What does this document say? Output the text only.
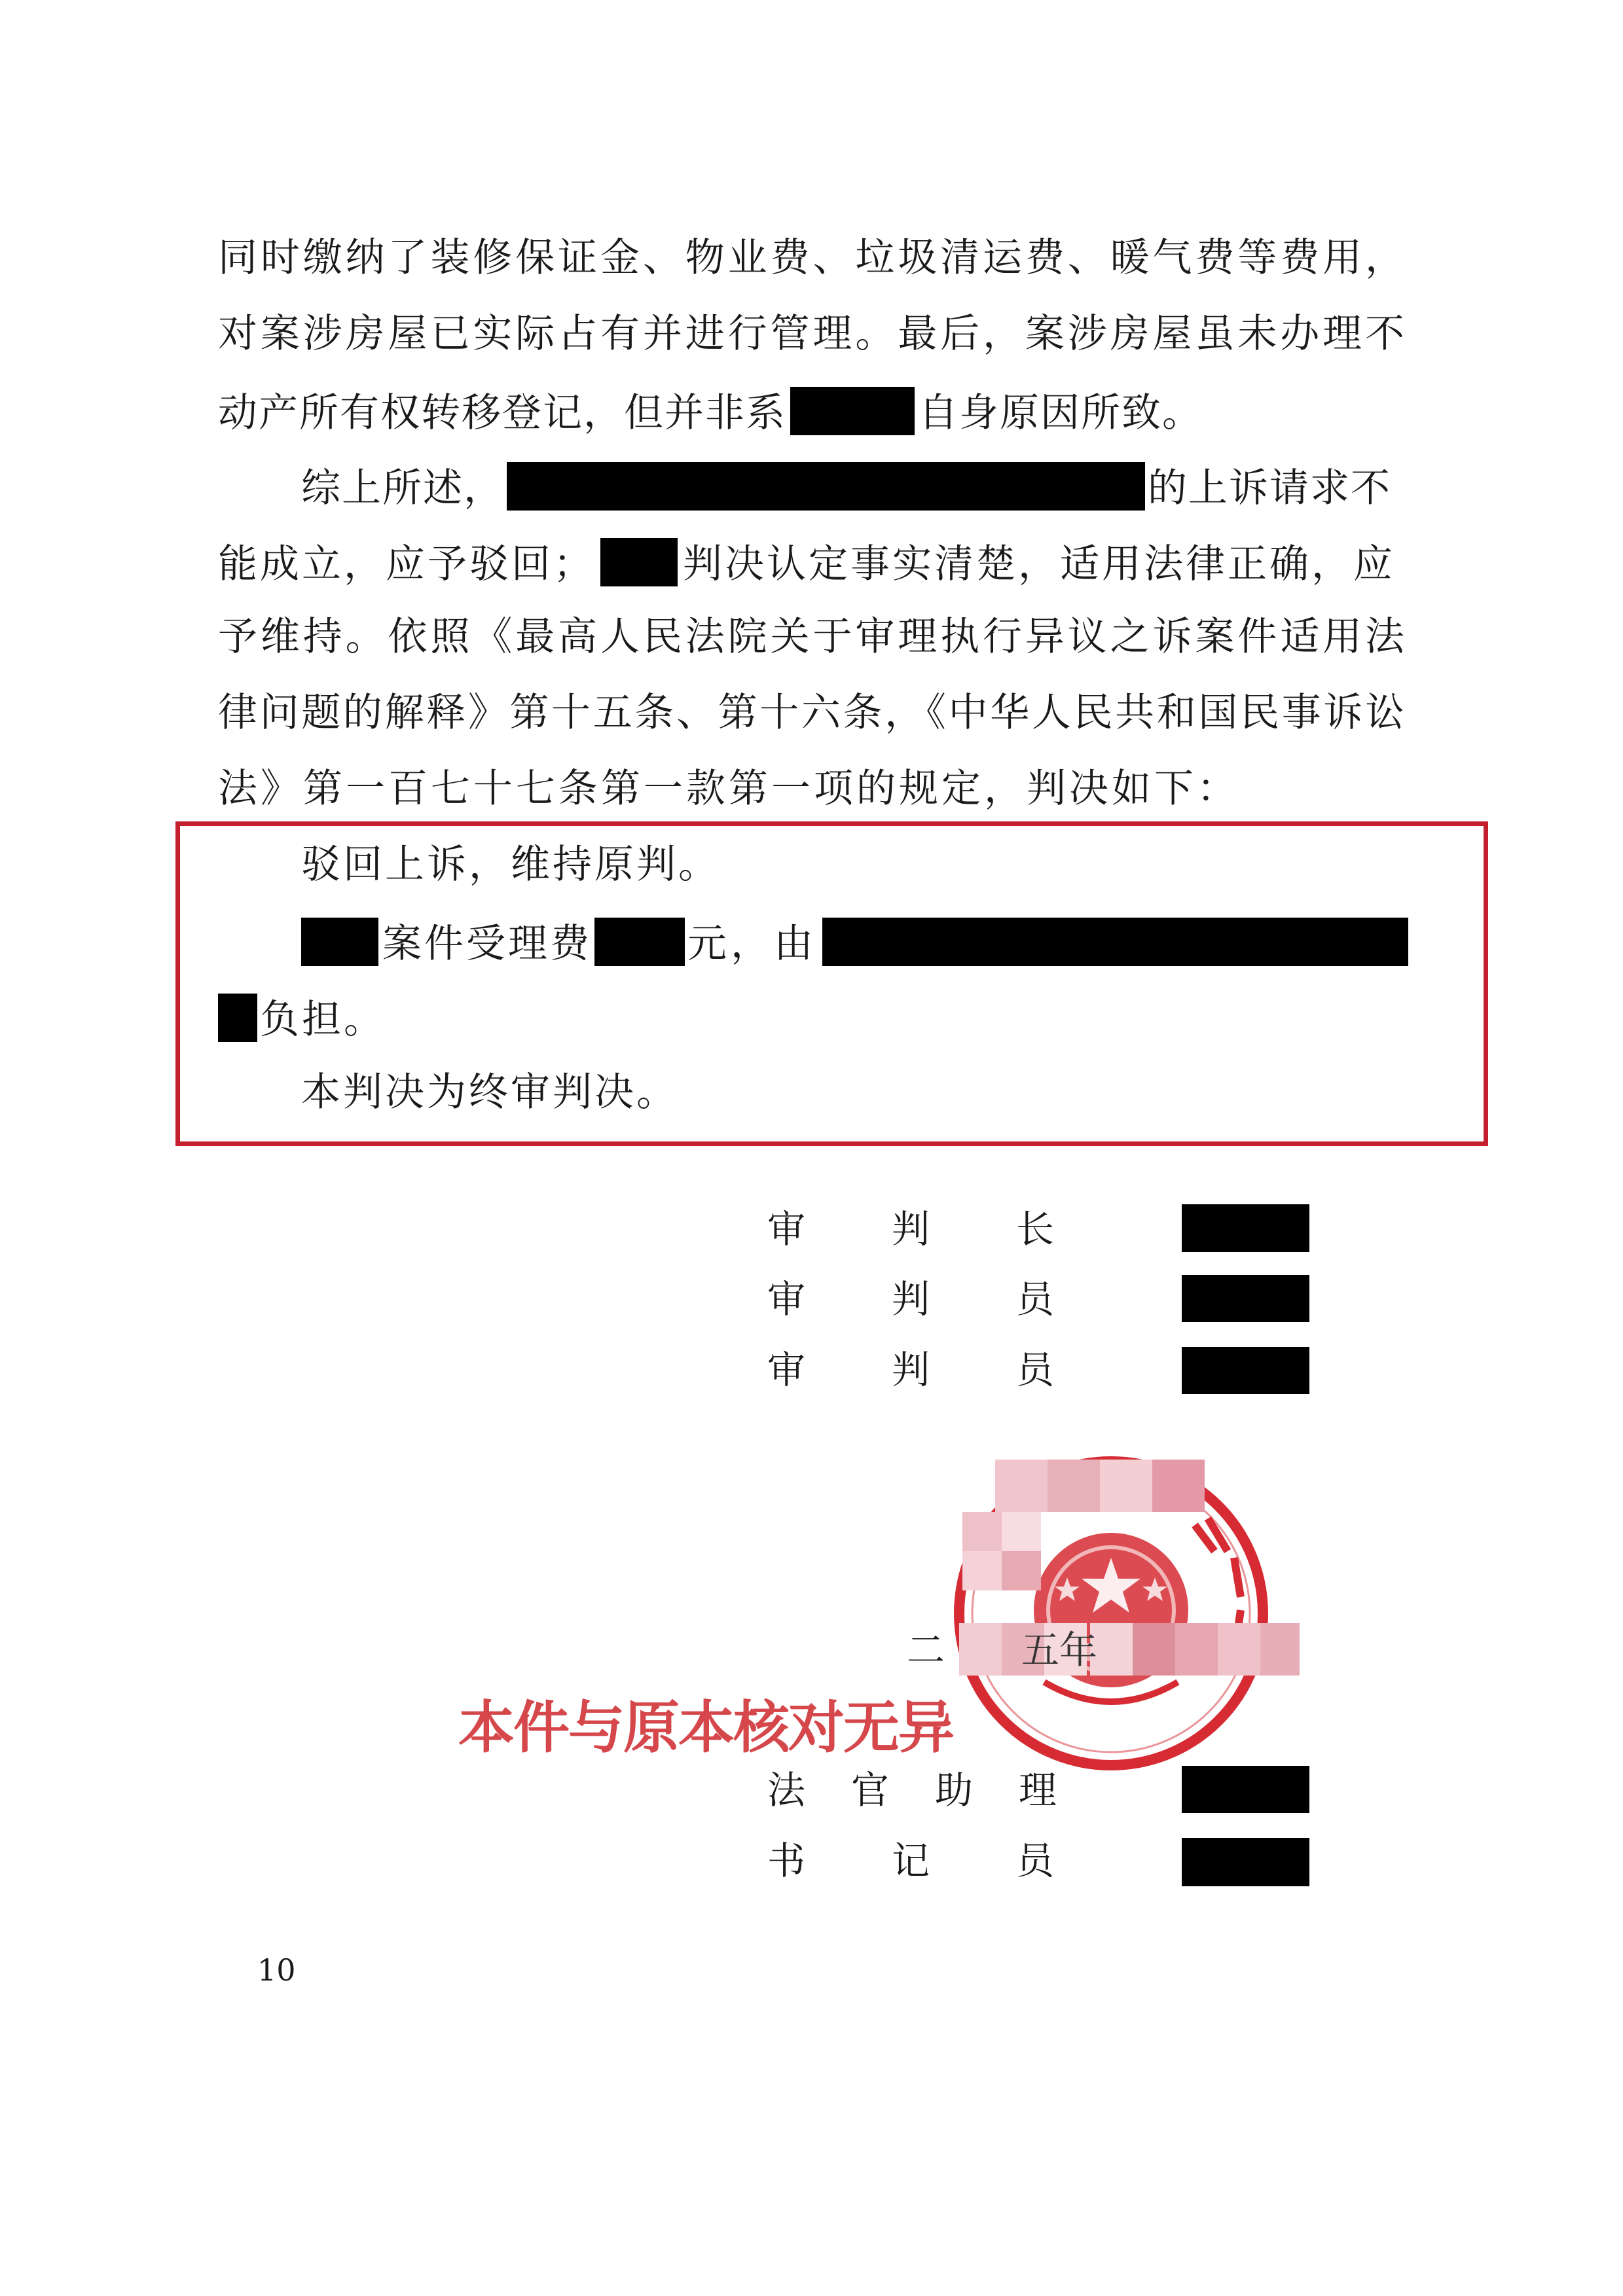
同时缴纳了装修保证金、物业费、垃圾清运费、暖气费等费用，
对案涉房屋已实际占有并进行管理。最后，案涉房屋虽未办理不
动产所有权转移登记，但并非系	自身原因所致。
综上所述，	的上诉请求不
能成立，应予驳回； 判决认定事实清楚，适用法律正确，应
予维持。依照《最高人民法院关于审理执行异议之诉案件适用法
律问题的解释》第十五条、第十六条，《中华人民共和国民事诉讼
法》第一百七十七条第一款第一项的规定，判决如下：
驳回上诉，维持原判。
案件受理费 元，由
负担。
本判决为终审判决。
审 判 长
审 判 员
审 判 员
二 五年
本件与原本核对无异
法 官 助 理
书 记 员
10
